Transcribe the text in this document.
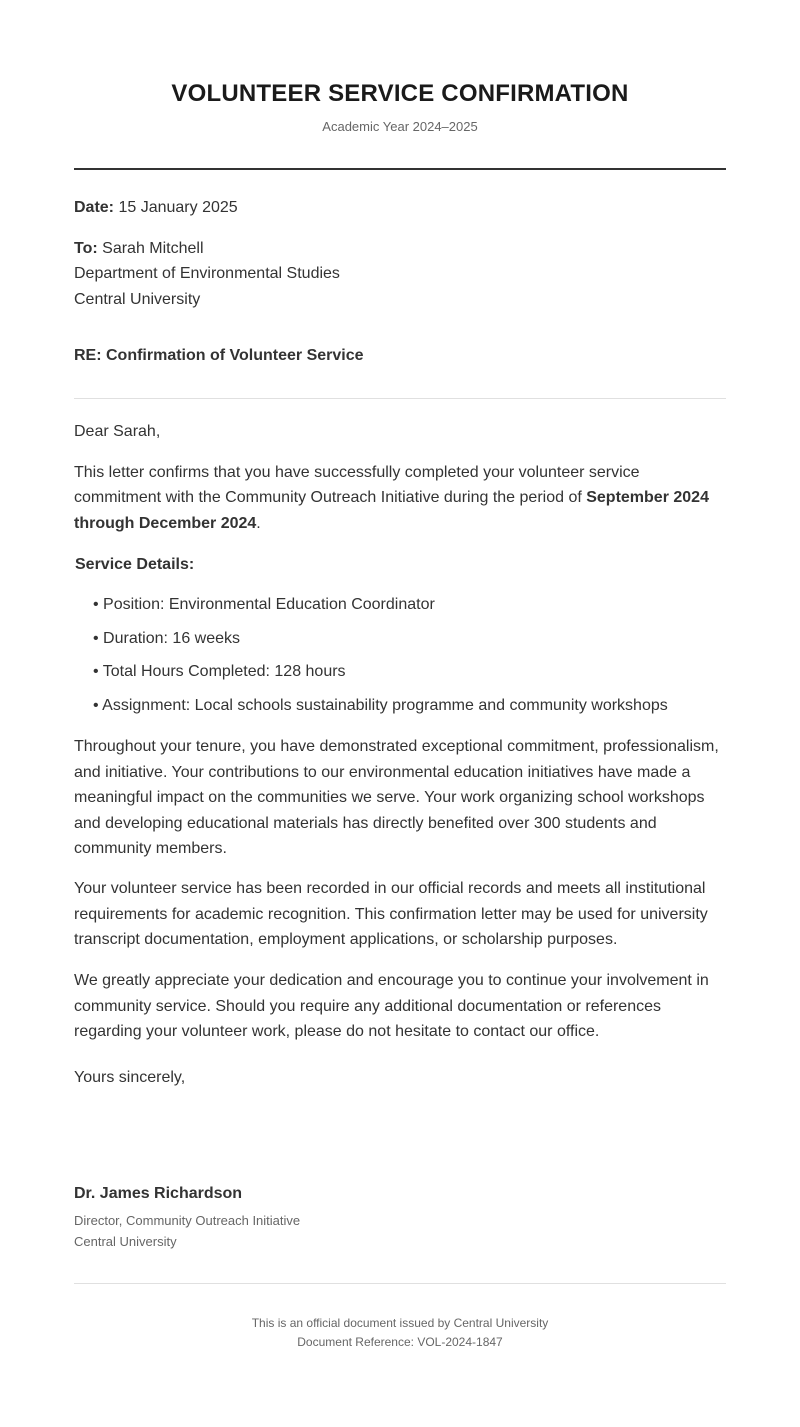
VOLUNTEER SERVICE CONFIRMATION
Academic Year 2024–2025
Date: 15 January 2025
To: Sarah Mitchell
Department of Environmental Studies
Central University
RE: Confirmation of Volunteer Service
Dear Sarah,
This letter confirms that you have successfully completed your volunteer service
commitment with the Community Outreach Initiative during the period of September 2024
through December 2024.
Service Details:
• Position: Environmental Education Coordinator
• Duration: 16 weeks
• Total Hours Completed: 128 hours
• Assignment: Local schools sustainability programme and community workshops
Throughout your tenure, you have demonstrated exceptional commitment, professionalism, and initiative. Your contributions to our environmental education initiatives have made a meaningful impact on the communities we serve. Your work organizing school workshops and developing educational materials has directly benefited over 300 students and community members.
Your volunteer service has been recorded in our official records and meets all institutional requirements for academic recognition. This confirmation letter may be used for university transcript documentation, employment applications, or scholarship purposes.
We greatly appreciate your dedication and encourage you to continue your involvement in community service. Should you require any additional documentation or references regarding your volunteer work, please do not hesitate to contact our office.
Yours sincerely,
Dr. James Richardson
Director, Community Outreach Initiative
Central University
This is an official document issued by Central University
Document Reference: VOL-2024-1847
